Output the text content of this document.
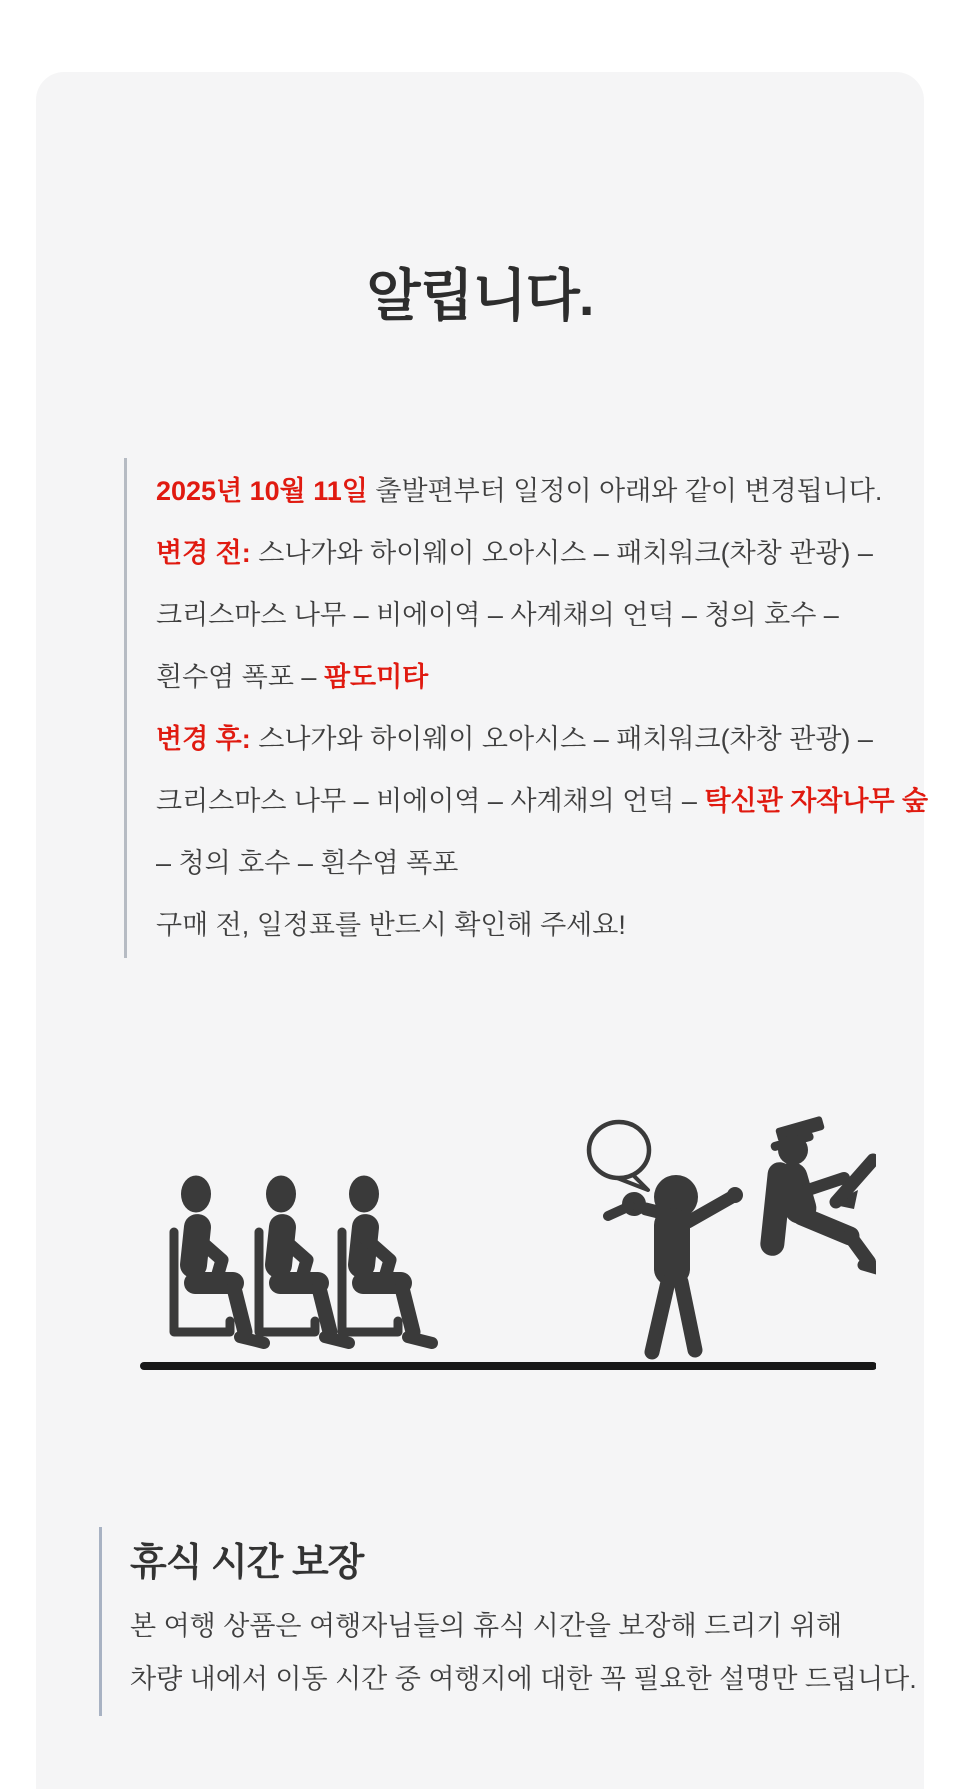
알립니다.

2025년 10월 11일 출발편부터 일정이 아래와 같이 변경됩니다.

변경 전: 스나가와 하이웨이 오아시스 – 패치워크(차창 관광) –

크리스마스 나무 – 비에이역 – 사계채의 언덕 – 청의 호수 –

흰수염 폭포 – 팜도미타

변경 후: 스나가와 하이웨이 오아시스 – 패치워크(차창 관광) –

크리스마스 나무 – 비에이역 – 사계채의 언덕 – 탁신관 자작나무 숲

– 청의 호수 – 흰수염 폭포

구매 전, 일정표를 반드시 확인해 주세요!

휴식 시간 보장

본 여행 상품은 여행자님들의 휴식 시간을 보장해 드리기 위해

차량 내에서 이동 시간 중 여행지에 대한 꼭 필요한 설명만 드립니다.
